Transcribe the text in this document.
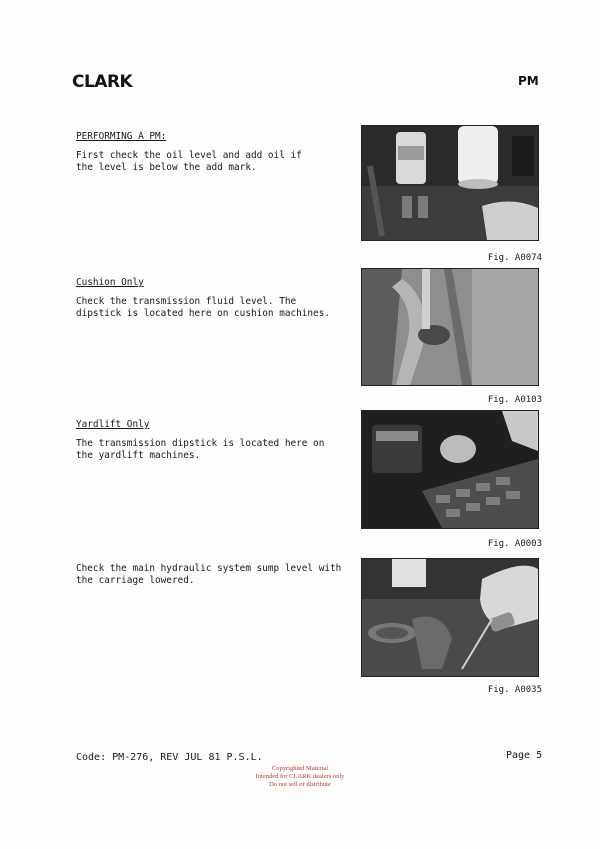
CLARK	PM
PERFORMING A PM:
First check the oil level and add oil if
the level is below the add mark.
Fig. A0074
Cushion Only
Check the transmission fluid level. The
dipstick is located here on cushion machines.
Fig. A0103
Yardlift Only
The transmission dipstick is located here on
the yardlift machines.
Fig. A0003
Check the main hydraulic system sump level with
the carriage lowered.
Fig. A0035
Code: PM-276, REV JUL 81 P.S.L.	Page 5
Copyrighted Material
Intended for CLARK dealers only
Do not sell or distribute
